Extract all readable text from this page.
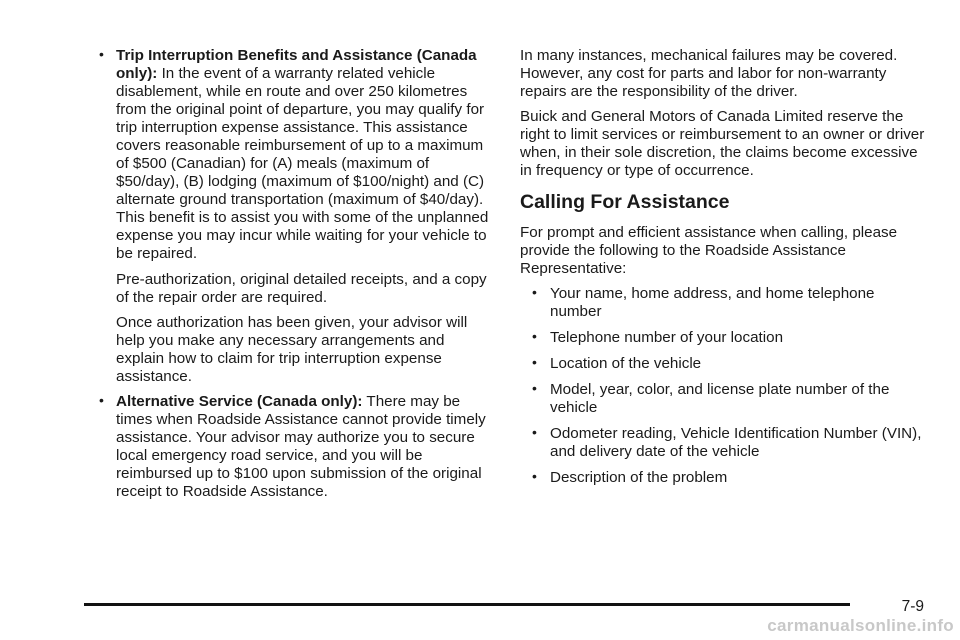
• Trip Interruption Benefits and Assistance (Canada only): In the event of a warranty related vehicle disablement, while en route and over 250 kilometres from the original point of departure, you may qualify for trip interruption expense assistance. This assistance covers reasonable reimbursement of up to a maximum of $500 (Canadian) for (A) meals (maximum of $50/day), (B) lodging (maximum of $100/night) and (C) alternate ground transportation (maximum of $40/day). This benefit is to assist you with some of the unplanned expense you may incur while waiting for your vehicle to be repaired.

Pre-authorization, original detailed receipts, and a copy of the repair order are required.

Once authorization has been given, your advisor will help you make any necessary arrangements and explain how to claim for trip interruption expense assistance.

• Alternative Service (Canada only): There may be times when Roadside Assistance cannot provide timely assistance. Your advisor may authorize you to secure local emergency road service, and you will be reimbursed up to $100 upon submission of the original receipt to Roadside Assistance.

In many instances, mechanical failures may be covered. However, any cost for parts and labor for non-warranty repairs are the responsibility of the driver.

Buick and General Motors of Canada Limited reserve the right to limit services or reimbursement to an owner or driver when, in their sole discretion, the claims become excessive in frequency or type of occurrence.

Calling For Assistance

For prompt and efficient assistance when calling, please provide the following to the Roadside Assistance Representative:

• Your name, home address, and home telephone number
• Telephone number of your location
• Location of the vehicle
• Model, year, color, and license plate number of the vehicle
• Odometer reading, Vehicle Identification Number (VIN), and delivery date of the vehicle
• Description of the problem
7-9
carmanualsonline.info
